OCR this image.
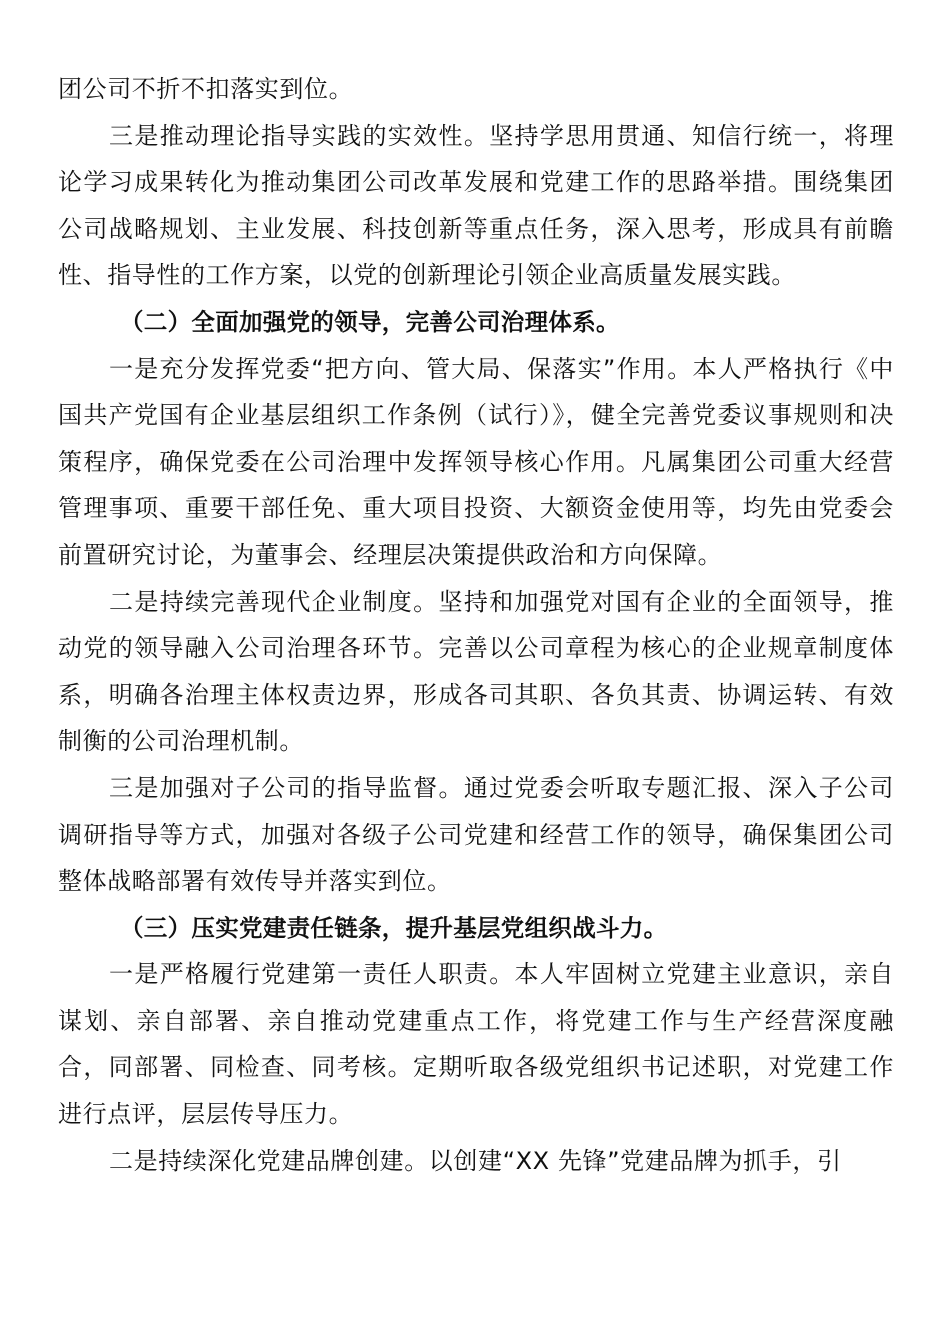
团公司不折不扣落实到位。

三是推动理论指导实践的实效性。坚持学思用贯通、知信行统一，将理论学习成果转化为推动集团公司改革发展和党建工作的思路举措。围绕集团公司战略规划、主业发展、科技创新等重点任务，深入思考，形成具有前瞻性、指导性的工作方案，以党的创新理论引领企业高质量发展实践。

（二）全面加强党的领导，完善公司治理体系。

一是充分发挥党委“把方向、管大局、保落实”作用。本人严格执行《中国共产党国有企业基层组织工作条例（试行）》，健全完善党委议事规则和决策程序，确保党委在公司治理中发挥领导核心作用。凡属集团公司重大经营管理事项、重要干部任免、重大项目投资、大额资金使用等，均先由党委会前置研究讨论，为董事会、经理层决策提供政治和方向保障。

二是持续完善现代企业制度。坚持和加强党对国有企业的全面领导，推动党的领导融入公司治理各环节。完善以公司章程为核心的企业规章制度体系，明确各治理主体权责边界，形成各司其职、各负其责、协调运转、有效制衡的公司治理机制。

三是加强对子公司的指导监督。通过党委会听取专题汇报、深入子公司调研指导等方式，加强对各级子公司党建和经营工作的领导，确保集团公司整体战略部署有效传导并落实到位。

（三）压实党建责任链条，提升基层党组织战斗力。

一是严格履行党建第一责任人职责。本人牢固树立党建主业意识，亲自谋划、亲自部署、亲自推动党建重点工作，将党建工作与生产经营深度融合，同部署、同检查、同考核。定期听取各级党组织书记述职，对党建工作进行点评，层层传导压力。

二是持续深化党建品牌创建。以创建“XX 先锋”党建品牌为抓手，引
